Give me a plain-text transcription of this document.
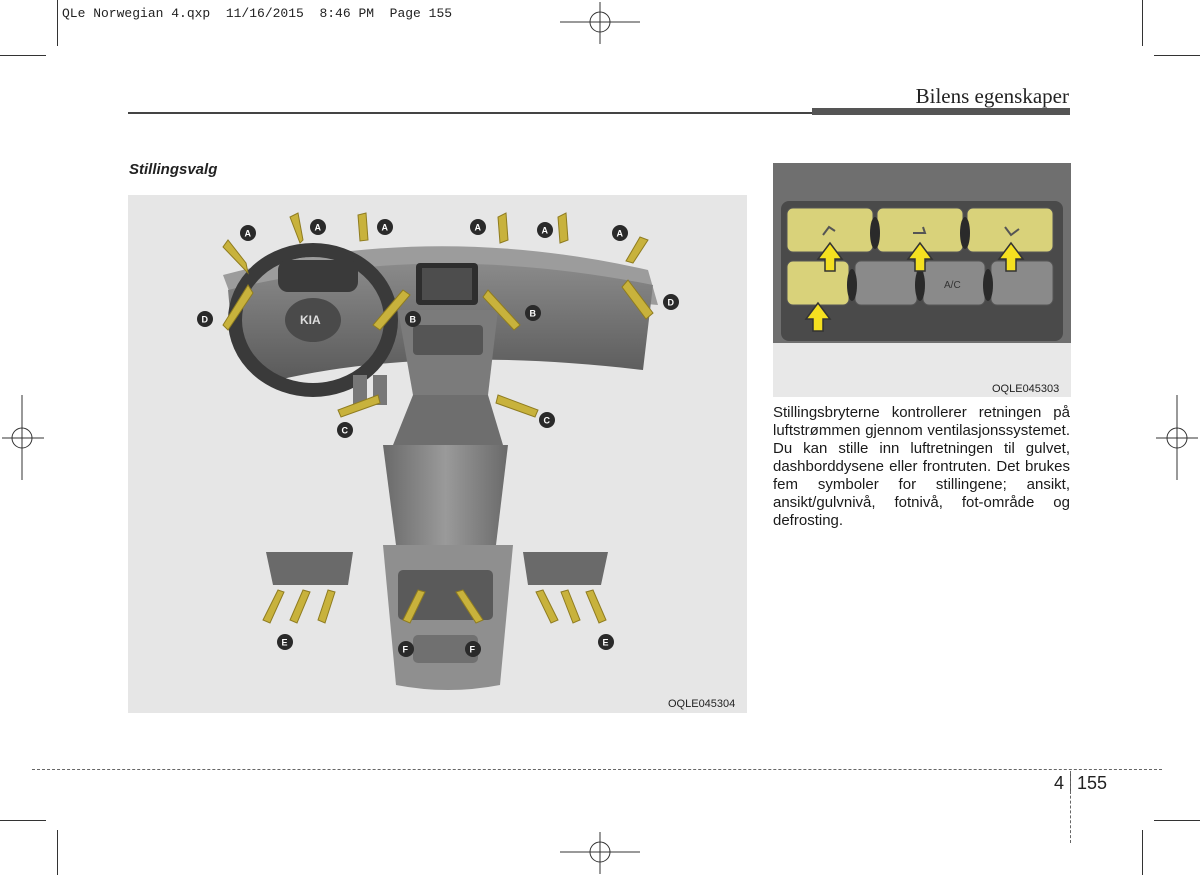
QLe Norwegian 4.qxp  11/16/2015  8:46 PM  Page 155
Bilens egenskaper
Stillingsvalg
KIA
A
A	A	A	A	A
B
B
C
C
D
D
E	E
F	F
OQLE045304
A/C
OQLE045303
Stillingsbryterne kontrollerer retningen på luftstrømmen gjennom ventilasjonssystemet. Du kan stille inn luftretningen til gulvet, dashborddysene eller frontruten. Det brukes fem symboler for stillingene; ansikt, ansikt/gulvnivå, fotnivå, fot-område og defrosting.
4 155
